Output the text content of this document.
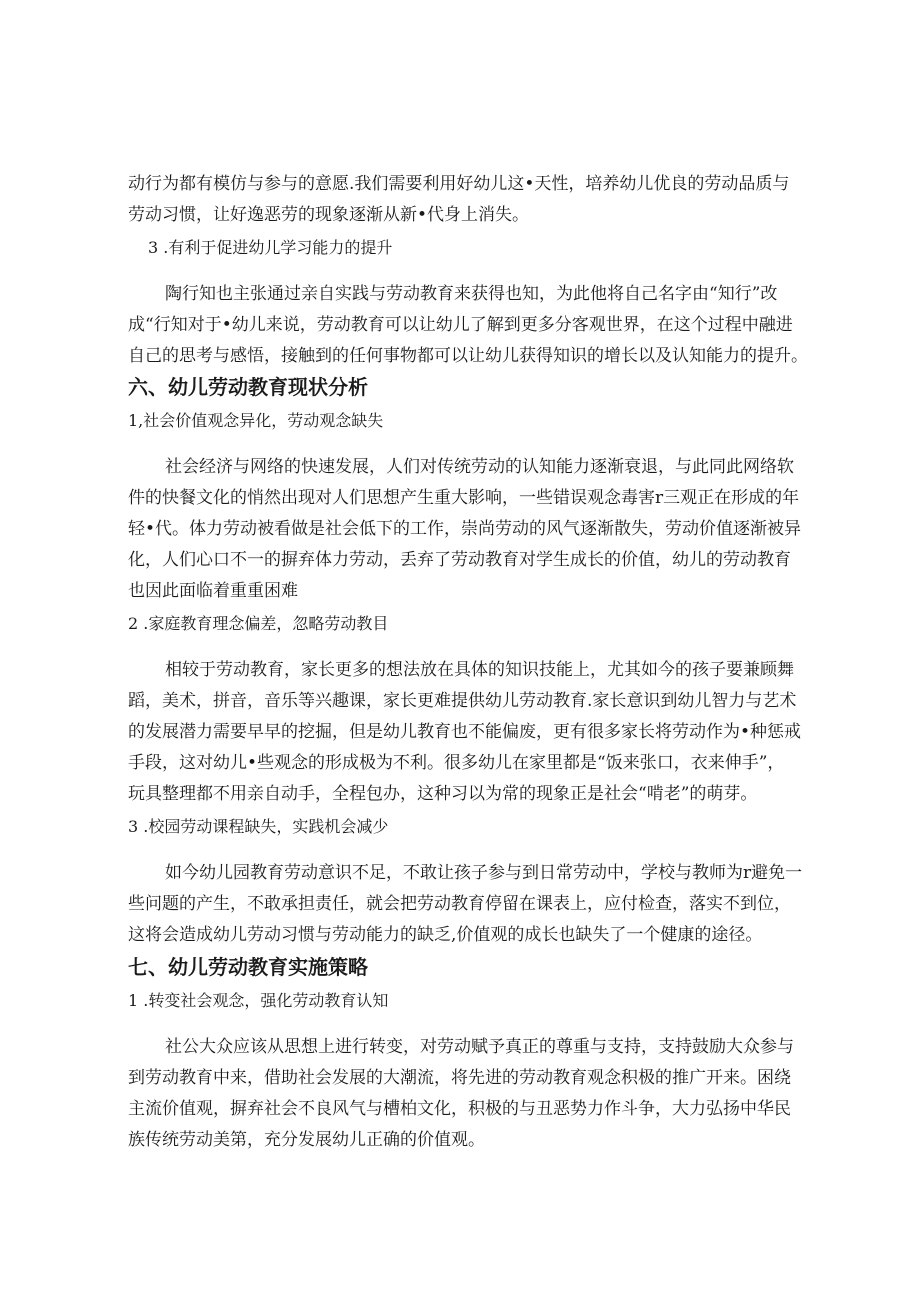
动行为都有模仿与参与的意愿.我们需要利用好幼儿这•天性，培养幼儿优良的劳动品质与
劳动习惯，让好逸恶劳的现象逐渐从新•代身上消失。
3 .有利于促进幼儿学习能力的提升
陶行知也主张通过亲自实践与劳动教育来获得也知，为此他将自己名字由“知行”改
成“行知对于•幼儿来说，劳动教育可以让幼儿了解到更多分客观世界，在这个过程中融进
自己的思考与感悟，接触到的任何事物都可以让幼儿获得知识的增长以及认知能力的提升。
六、幼儿劳动教育现状分析
1,社会价值观念异化，劳动观念缺失
社会经济与网络的快速发展，人们对传统劳动的认知能力逐渐衰退，与此同此网络软
件的快餐文化的悄然出现对人们思想产生重大影响，一些错误观念毒害r三观正在形成的年
轻•代。体力劳动被看做是社会低下的工作，崇尚劳动的风气逐渐散失，劳动价值逐渐被异
化，人们心口不一的摒弃体力劳动，丢弃了劳动教育对学生成长的价值，幼儿的劳动教育
也因此面临着重重困难
2 .家庭教育理念偏差，忽略劳动教目
相较于劳动教育，家长更多的想法放在具体的知识技能上，尤其如今的孩子要兼顾舞
蹈，美术，拼音，音乐等兴趣课，家长更难提供幼儿劳动教育.家长意识到幼儿智力与艺术
的发展潜力需要早早的挖掘，但是幼儿教育也不能偏废，更有很多家长将劳动作为•种惩戒
手段，这对幼儿•些观念的形成极为不利。很多幼儿在家里都是“饭来张口，衣来伸手”，
玩具整理都不用亲自动手，全程包办，这种习以为常的现象正是社会“啃老”的萌芽。
3 .校园劳动课程缺失，实践机会减少
如今幼儿园教育劳动意识不足，不敢让孩子参与到日常劳动中，学校与教师为r避免一
些问题的产生，不敢承担责任，就会把劳动教育停留在课表上，应付检查，落实不到位，
这将会造成幼儿劳动习惯与劳动能力的缺乏,价值观的成长也缺失了一个健康的途径。
七、幼儿劳动教育实施策略
1 .转变社会观念，强化劳动教育认知
社公大众应该从思想上进行转变，对劳动赋予真正的尊重与支持，支持鼓励大众参与
到劳动教育中来，借助社会发展的大潮流，将先进的劳动教育观念积极的推广开来。困绕
主流价值观，摒弃社会不良风气与槽柏文化，积极的与丑恶势力作斗争，大力弘扬中华民
族传统劳动美第，充分发展幼儿正确的价值观。
